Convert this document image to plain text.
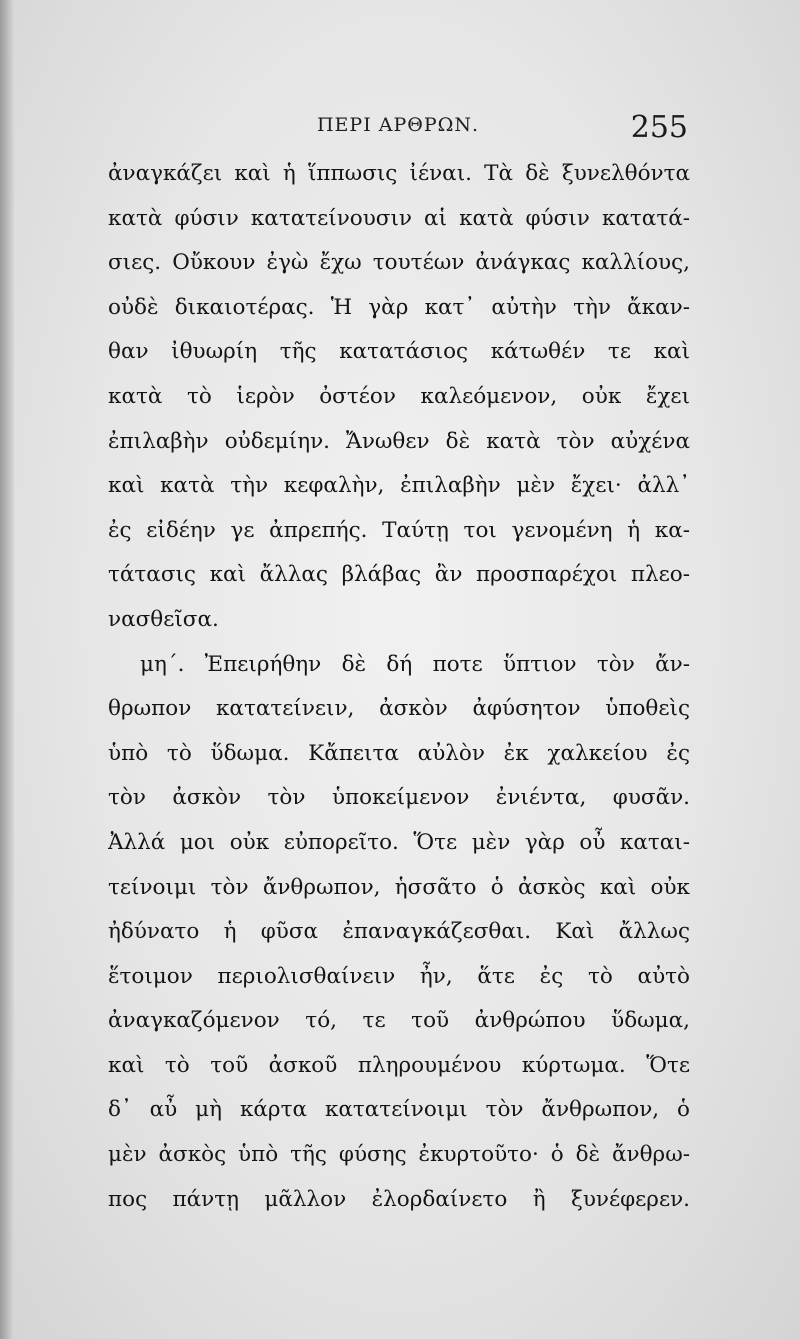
ΠΕΡΙ ΑΡΘΡΩΝ.	255
ἀναγκάζει καὶ ἡ ἵππωσις ἰέναι. Τὰ δὲ ξυνελθόντα
κατὰ φύσιν κατατείνουσιν αἱ κατὰ φύσιν κατατά-
σιες. Οὔκουν ἐγὼ ἔχω τουτέων ἀνάγκας καλλίους,
οὐδὲ δικαιοτέρας. Ἡ γὰρ κατ᾽ αὐτὴν τὴν ἄκαν-
θαν ἰθυωρίη τῆς κατατάσιος κάτωθέν τε καὶ
κατὰ τὸ ἱερὸν ὀστέον καλεόμενον, οὐκ ἔχει
ἐπιλαβὴν οὐδεμίην. Ἄνωθεν δὲ κατὰ τὸν αὐχένα
καὶ κατὰ τὴν κεφαλὴν, ἐπιλαβὴν μὲν ἔχει· ἀλλ᾽
ἐς εἰδέην γε ἀπρεπής. Ταύτῃ τοι γενομένη ἡ κα-
τάτασις καὶ ἄλλας βλάβας ἂν προσπαρέχοι πλεο-
νασθεῖσα.
μη΄. Ἐπειρήθην δὲ δή ποτε ὕπτιον τὸν ἄν-
θρωπον κατατείνειν, ἀσκὸν ἀφύσητον ὑποθεὶς
ὑπὸ τὸ ὕδωμα. Κἄπειτα αὐλὸν ἐκ χαλκείου ἐς
τὸν ἀσκὸν τὸν ὑποκείμενον ἐνιέντα, φυσᾶν.
Ἀλλά μοι οὐκ εὐπορεῖτο. Ὅτε μὲν γὰρ οὖ καται-
τείνοιμι τὸν ἄνθρωπον, ἡσσᾶτο ὁ ἀσκὸς καὶ οὐκ
ἠδύνατο ἡ φῦσα ἐπαναγκάζεσθαι. Καὶ ἄλλως
ἕτοιμον περιολισθαίνειν ἦν, ἅτε ἐς τὸ αὐτὸ
ἀναγκαζόμενον τό, τε τοῦ ἀνθρώπου ὕδωμα,
καὶ τὸ τοῦ ἀσκοῦ πληρουμένου κύρτωμα. Ὅτε
δ᾽ αὖ μὴ κάρτα κατατείνοιμι τὸν ἄνθρωπον, ὁ
μὲν ἀσκὸς ὑπὸ τῆς φύσης ἐκυρτοῦτο· ὁ δὲ ἄνθρω-
πος πάντῃ μᾶλλον ἐλορδαίνετο ἢ ξυνέφερεν.
